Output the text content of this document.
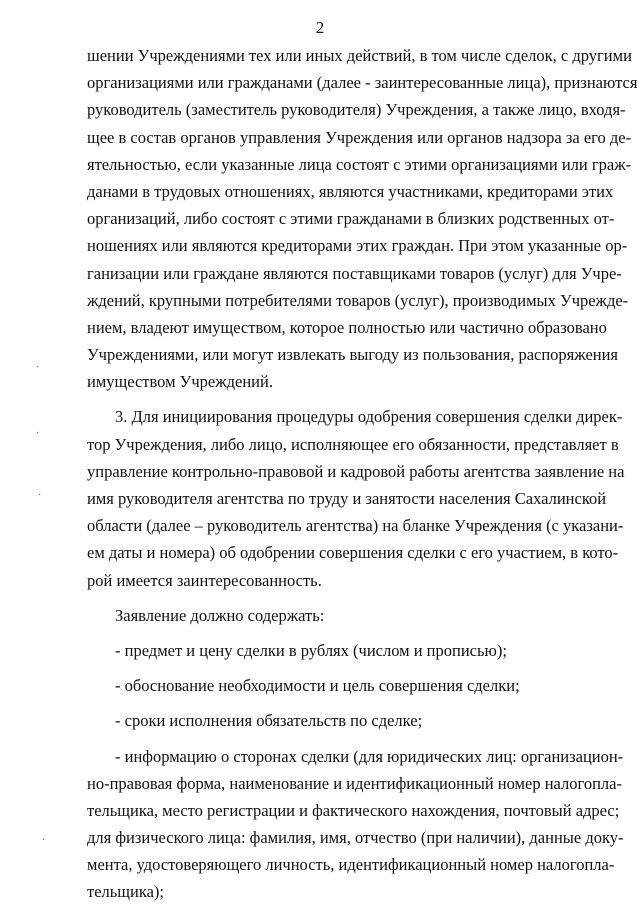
2
шении Учреждениями тех или иных действий, в том числе сделок, с другими
организациями или гражданами (далее - заинтересованные лица), признаются
руководитель (заместитель руководителя) Учреждения, а также лицо, входя-
щее в состав органов управления Учреждения или органов надзора за его де-
ятельностью, если указанные лица состоят с этими организациями или граж-
данами в трудовых отношениях, являются участниками, кредиторами этих
организаций, либо состоят с этими гражданами в близких родственных от-
ношениях или являются кредиторами этих граждан. При этом указанные ор-
ганизации или граждане являются поставщиками товаров (услуг) для Учре-
ждений, крупными потребителями товаров (услуг), производимых Учрежде-
нием, владеют имуществом, которое полностью или частично образовано
Учреждениями, или могут извлекать выгоду из пользования, распоряжения
имуществом Учреждений.
3. Для инициирования процедуры одобрения совершения сделки дирек-
тор Учреждения, либо лицо, исполняющее его обязанности, представляет в
управление контрольно-правовой и кадровой работы агентства заявление на
имя руководителя агентства по труду и занятости населения Сахалинской
области (далее – руководитель агентства) на бланке Учреждения (с указани-
ем даты и номера) об одобрении совершения сделки с его участием, в кото-
рой имеется заинтересованность.
Заявление должно содержать:
- предмет и цену сделки в рублях (числом и прописью);
- обоснование необходимости и цель совершения сделки;
- сроки исполнения обязательств по сделке;
- информацию о сторонах сделки (для юридических лиц: организацион-
но-правовая форма, наименование и идентификационный номер налогопла-
тельщика, место регистрации и фактического нахождения, почтовый адрес;
для физического лица: фамилия, имя, отчество (при наличии), данные доку-
мента, удостоверяющего личность, идентификационный номер налогопла-
тельщика);
·
·
·
·
